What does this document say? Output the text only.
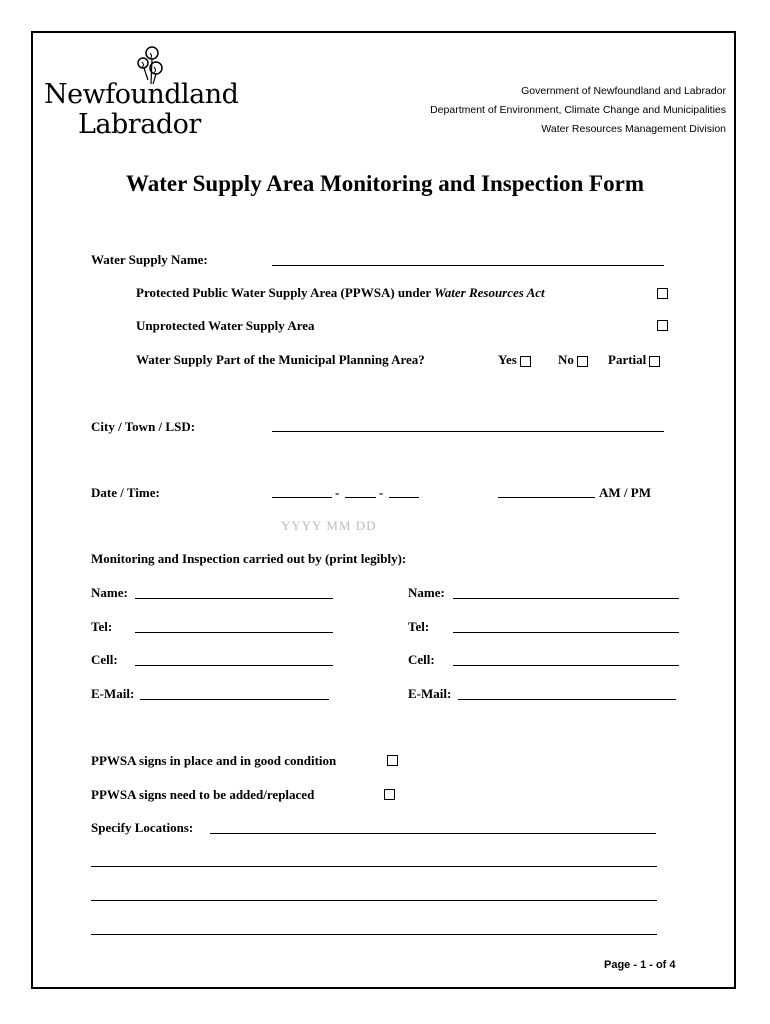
Newfoundland
Labrador
Government of Newfoundland and Labrador
Department of Environment, Climate Change and Municipalities
Water Resources Management Division
Water Supply Area Monitoring and Inspection Form
Water Supply Name:
Protected Public Water Supply Area (PPWSA) under Water Resources Act
Unprotected Water Supply Area
Water Supply Part of the Municipal Planning Area?	Yes	No	Partial
City / Town / LSD:
Date / Time:	-	-	AM / PM
YYYY MM DD
Monitoring and Inspection carried out by (print legibly):
Name:	Name:
Tel:	Tel:
Cell:	Cell:
E-Mail:	E-Mail:
PPWSA signs in place and in good condition
PPWSA signs need to be added/replaced
Specify Locations:
Page - 1 - of 4
